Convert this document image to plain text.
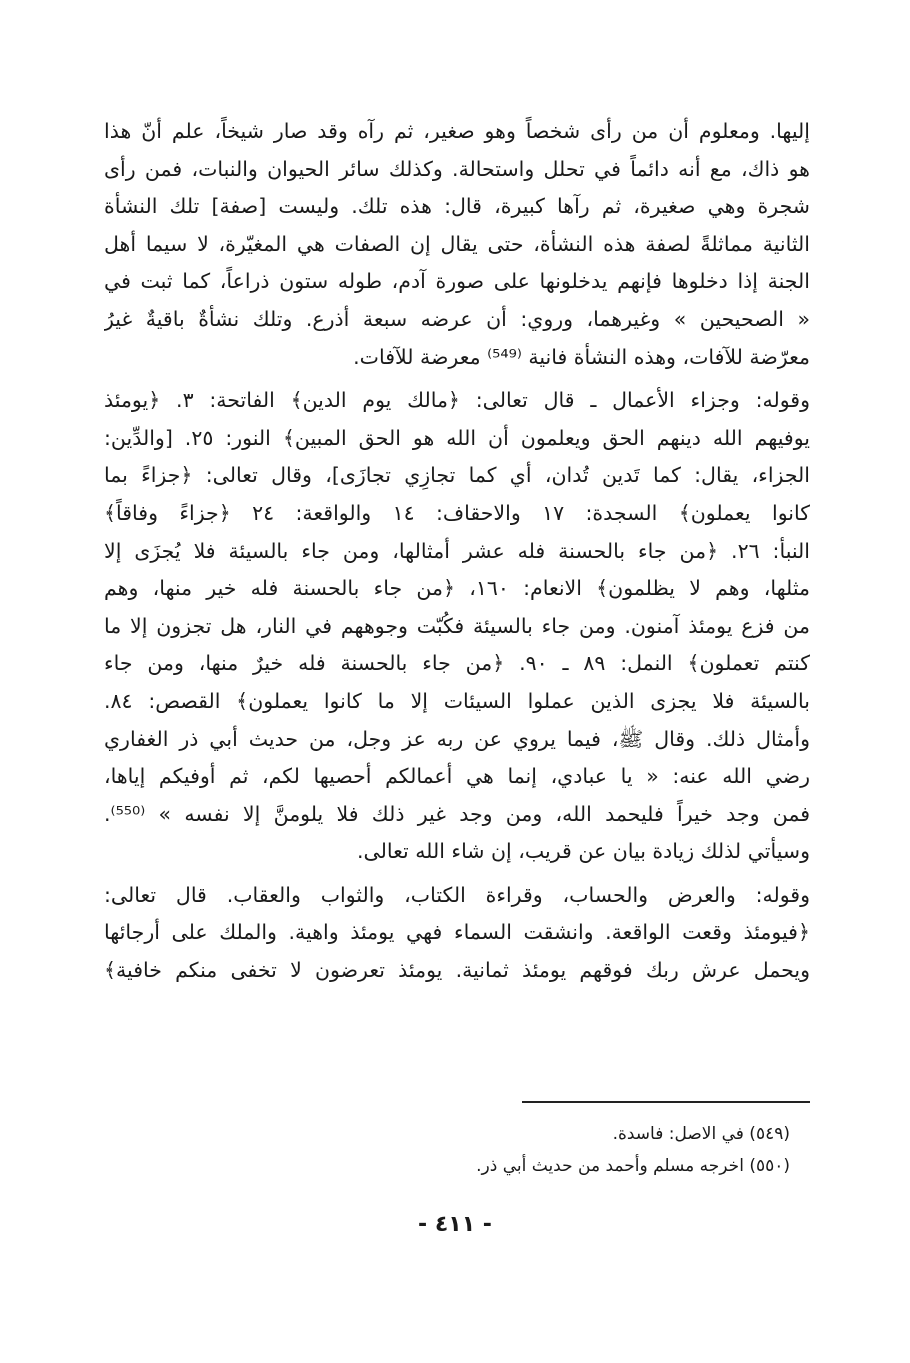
إليها. ومعلوم أن من رأى شخصاً وهو صغير، ثم رآه وقد صار شيخاً، علم أنّ هذا
هو ذاك، مع أنه دائماً في تحلل واستحالة. وكذلك سائر الحيوان والنبات، فمن رأى
شجرة وهي صغيرة، ثم رآها كبيرة، قال: هذه تلك. وليست [صفة] تلك النشأة
الثانية مماثلةً لصفة هذه النشأة، حتى يقال إن الصفات هي المغيّرة، لا سيما أهل
الجنة إذا دخلوها فإنهم يدخلونها على صورة آدم، طوله ستون ذراعاً، كما ثبت في
« الصحيحين » وغيرهما، وروي: أن عرضه سبعة أذرع. وتلك نشأةٌ باقيةٌ غيرُ
معرّضة للآفات، وهذه النشأة فانية ⁽⁵⁴⁹⁾ معرضة للآفات.
وقوله: وجزاء الأعمال ـ قال تعالى: ﴿مالك يوم الدين﴾ الفاتحة: ٣. ﴿يومئذ
يوفيهم الله دينهم الحق ويعلمون أن الله هو الحق المبين﴾ النور: ٢٥. [والدِّين:
الجزاء، يقال: كما تَدين تُدان، أي كما تجازِي تجازَى]، وقال تعالى: ﴿جزاءً بما
كانوا يعملون﴾ السجدة: ١٧ والاحقاف: ١٤ والواقعة: ٢٤ ﴿جزاءً وفاقاً﴾
النبأ: ٢٦. ﴿من جاء بالحسنة فله عشر أمثالها، ومن جاء بالسيئة فلا يُجزَى إلا
مثلها، وهم لا يظلمون﴾ الانعام: ١٦٠، ﴿من جاء بالحسنة فله خير منها، وهم
من فزع يومئذ آمنون. ومن جاء بالسيئة فكُبّت وجوههم في النار، هل تجزون إلا ما
كنتم تعملون﴾ النمل: ٨٩ ـ ٩٠. ﴿من جاء بالحسنة فله خيرٌ منها، ومن جاء
بالسيئة فلا يجزى الذين عملوا السيئات إلا ما كانوا يعملون﴾ القصص: ٨٤.
وأمثال ذلك. وقال ﷺ، فيما يروي عن ربه عز وجل، من حديث أبي ذر الغفاري
رضي الله عنه: « يا عبادي، إنما هي أعمالكم أحصيها لكم، ثم أوفيكم إياها،
فمن وجد خيراً فليحمد الله، ومن وجد غير ذلك فلا يلومنَّ إلا نفسه » ⁽⁵⁵⁰⁾.
وسيأتي لذلك زيادة بيان عن قريب، إن شاء الله تعالى.
وقوله: والعرض والحساب، وقراءة الكتاب، والثواب والعقاب. قال تعالى:
﴿فيومئذ وقعت الواقعة. وانشقت السماء فهي يومئذ واهية. والملك على أرجائها
ويحمل عرش ربك فوقهم يومئذ ثمانية. يومئذ تعرضون لا تخفى منكم خافية﴾
(٥٤٩) في الاصل: فاسدة.
(٥٥٠) اخرجه مسلم وأحمد من حديث أبي ذر.
- ٤١١ -
